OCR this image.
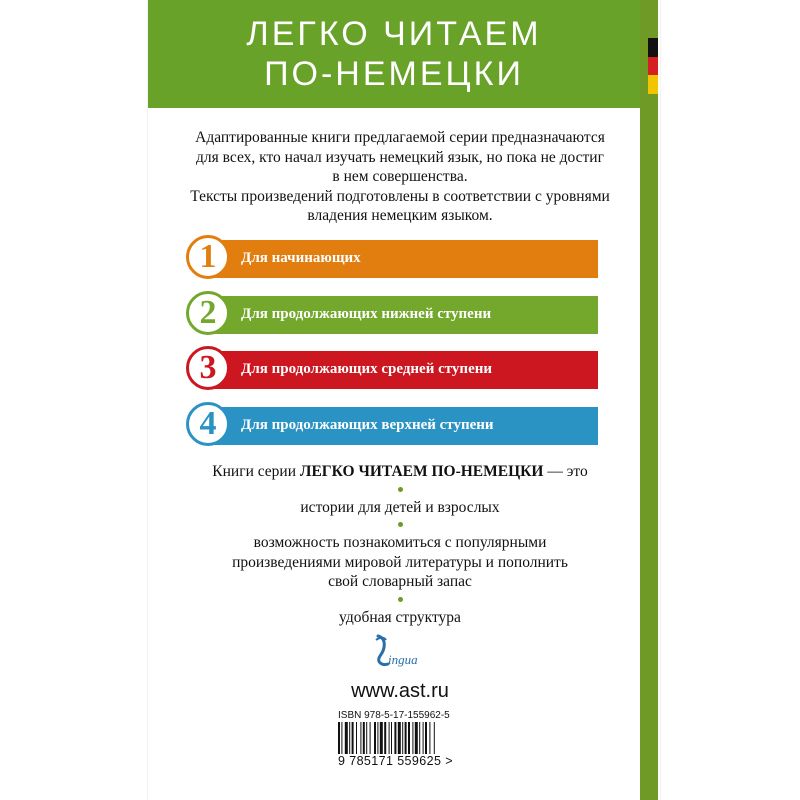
ЛЕГКО ЧИТАЕМ
ПО-НЕМЕЦКИ
Адаптированные книги предлагаемой серии предназначаются
для всех, кто начал изучать немецкий язык, но пока не достиг
в нем совершенства.
Тексты произведений подготовлены в соответствии с уровнями
владения немецким языком.
1 Для начинающих
2 Для продолжающих нижней ступени
3 Для продолжающих средней ступени
4 Для продолжающих верхней ступени
Книги серии ЛЕГКО ЧИТАЕМ ПО-НЕМЕЦКИ — это

истории для детей и взрослых

возможность познакомиться с популярными
произведениями мировой литературы и пополнить
свой словарный запас

удобная структура

ingua
www.ast.ru
ISBN 978-5-17-155962-5
9 785171 559625 >
